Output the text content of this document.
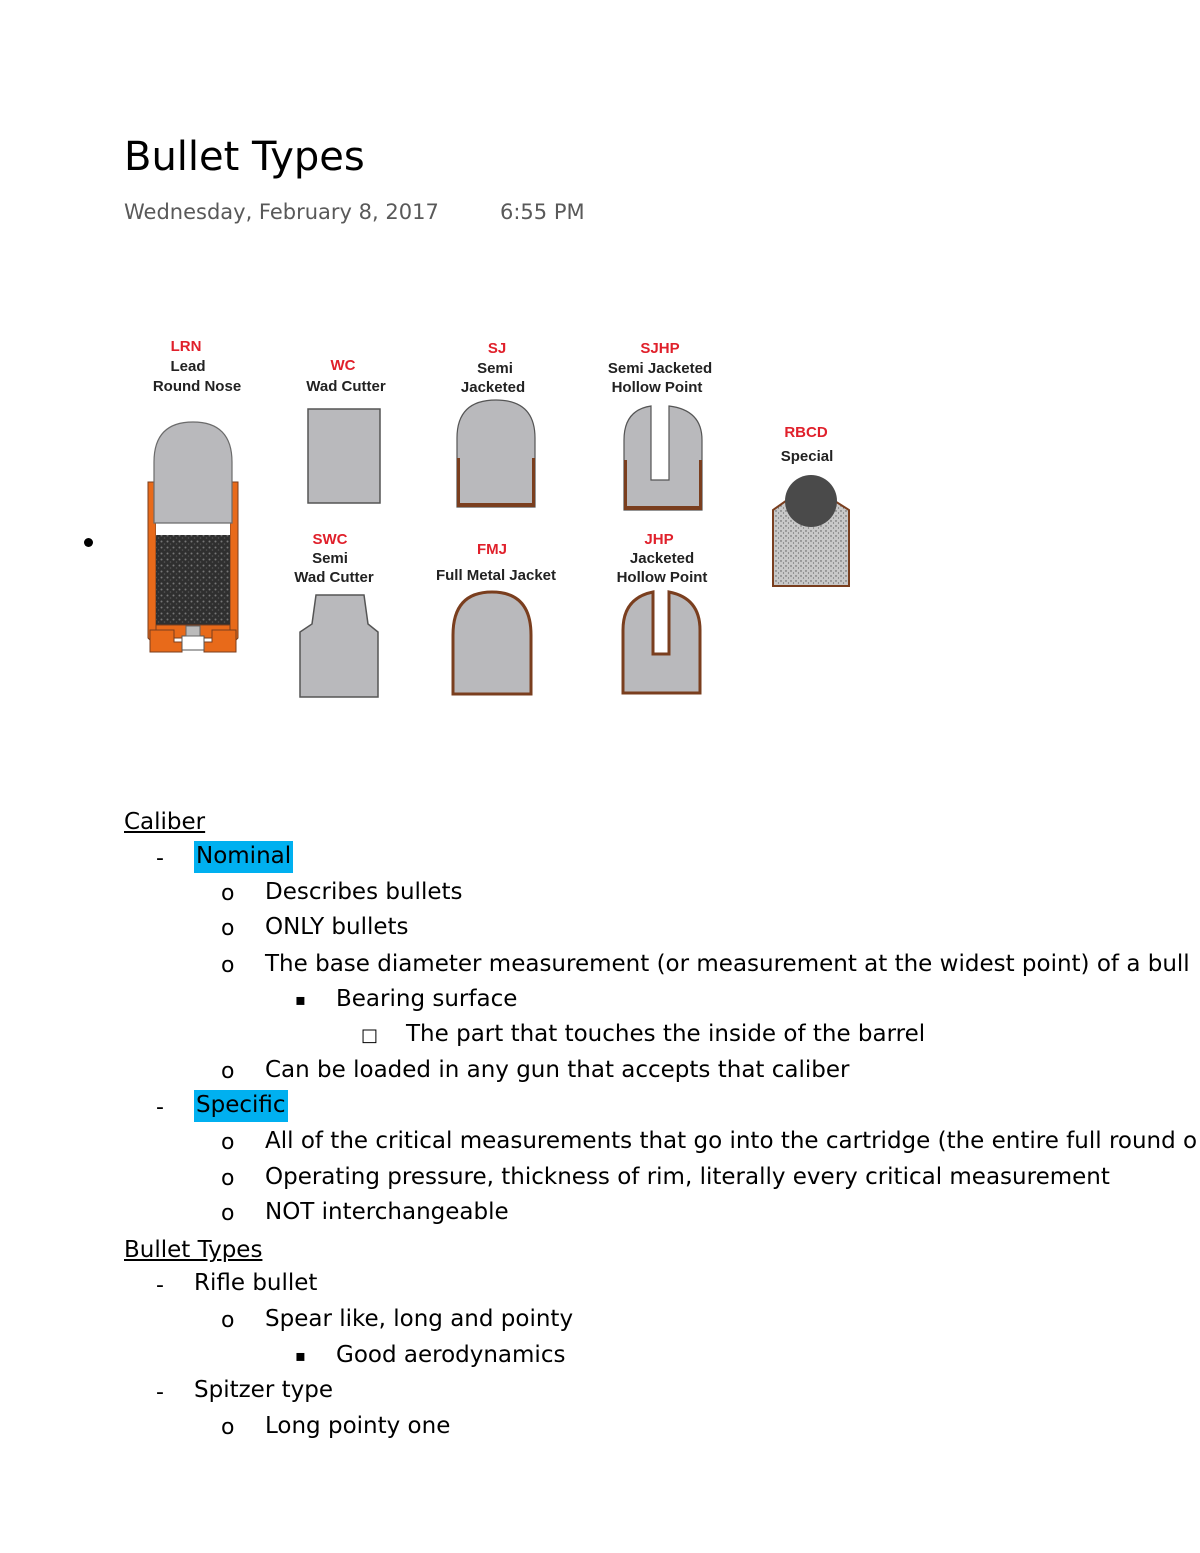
Bullet Types
Wednesday, February 8, 2017	6:55 PM
LRN
Lead
Round Nose
WC
Wad Cutter
SJ
Semi
Jacketed
SJHP
Semi Jacketed
Hollow Point
RBCD
Special
SWC
Semi
Wad Cutter
FMJ
Full Metal Jacket
JHP
Jacketed
Hollow Point
Caliber
- Nominal
o Describes bullets
o ONLY bullets
o The base diameter measurement (or measurement at the widest point) of a bull
▪ Bearing surface
□ The part that touches the inside of the barrel
o Can be loaded in any gun that accepts that caliber
- Specific
o All of the critical measurements that go into the cartridge (the entire full round o
o Operating pressure, thickness of rim, literally every critical measurement
o NOT interchangeable
Bullet Types
- Rifle bullet
o Spear like, long and pointy
▪ Good aerodynamics
- Spitzer type
o Long pointy one
